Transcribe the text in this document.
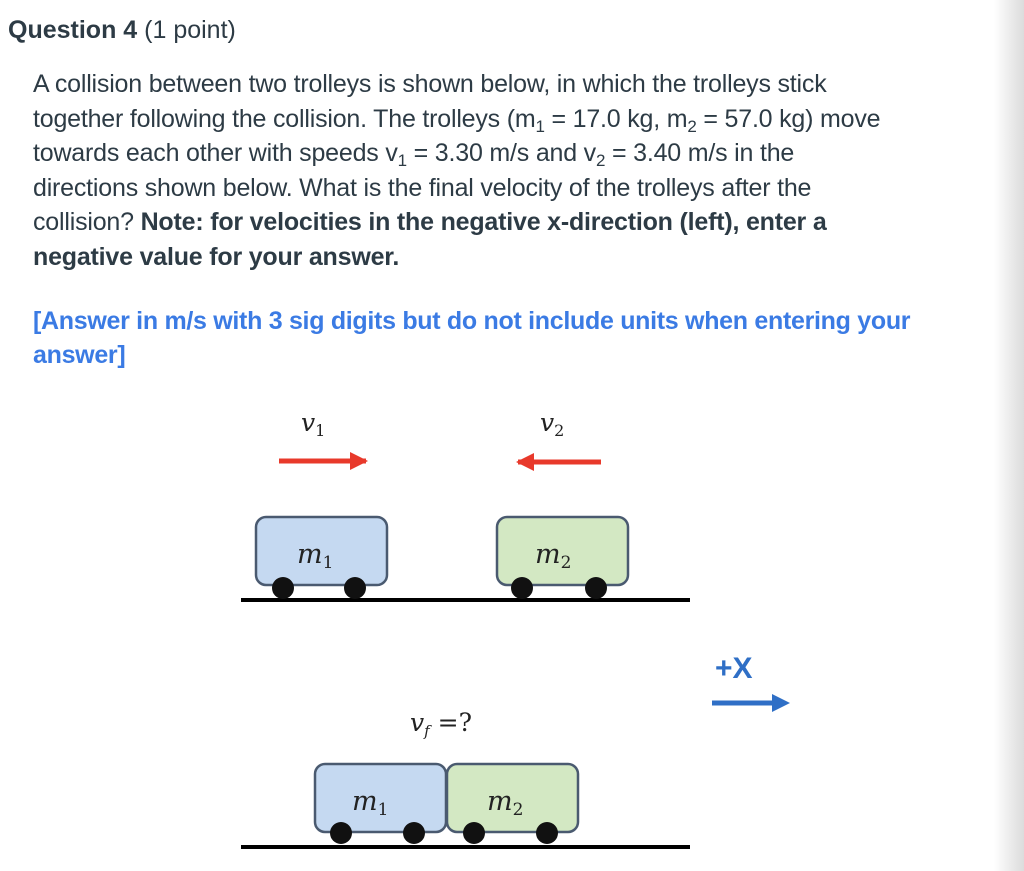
Question 4 (1 point)

A collision between two trolleys is shown below, in which the trolleys stick

together following the collision. The trolleys ($m_1 = 17.0$ kg, $m_2 = 57.0$ kg) move

towards each other with speeds $v_1 = 3.30$ m/s and $v_2 = 3.40$ m/s in the

directions shown below. What is the final velocity of the trolleys after the

collision? Note: for velocities in the negative x-direction (left), enter a

negative value for your answer.

[Answer in m/s with 3 sig digits but do not include units when entering your

answer]

$v_1$	$v_2$
m1	m2
+X
$v_f$ =?
m1	m2
